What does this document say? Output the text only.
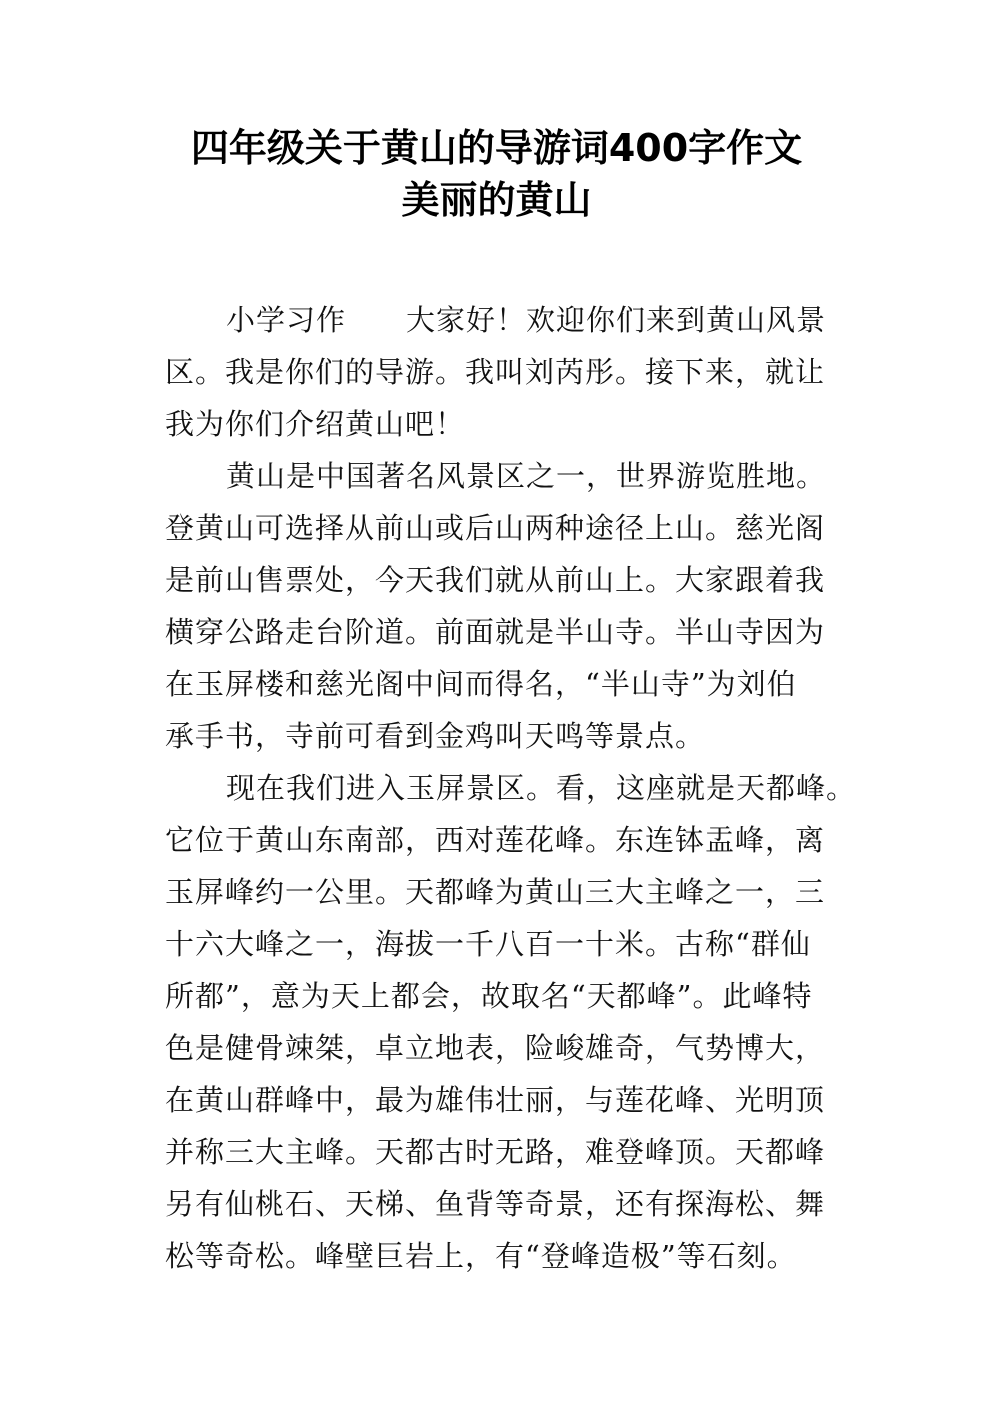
四年级关于黄山的导游词400字作文
美丽的黄山
小学习作　　大家好！欢迎你们来到黄山风景
区。我是你们的导游。我叫刘芮彤。接下来，就让
我为你们介绍黄山吧！
黄山是中国著名风景区之一，世界游览胜地。
登黄山可选择从前山或后山两种途径上山。慈光阁
是前山售票处，今天我们就从前山上。大家跟着我
横穿公路走台阶道。前面就是半山寺。半山寺因为
在玉屏楼和慈光阁中间而得名，“半山寺”为刘伯
承手书，寺前可看到金鸡叫天鸣等景点。
现在我们进入玉屏景区。看，这座就是天都峰。
它位于黄山东南部，西对莲花峰。东连钵盂峰，离
玉屏峰约一公里。天都峰为黄山三大主峰之一，三
十六大峰之一，海拔一千八百一十米。古称“群仙
所都”，意为天上都会，故取名“天都峰”。此峰特
色是健骨竦桀，卓立地表，险峻雄奇，气势博大，
在黄山群峰中，最为雄伟壮丽，与莲花峰、光明顶
并称三大主峰。天都古时无路，难登峰顶。天都峰
另有仙桃石、天梯、鱼背等奇景，还有探海松、舞
松等奇松。峰壁巨岩上，有“登峰造极”等石刻。
